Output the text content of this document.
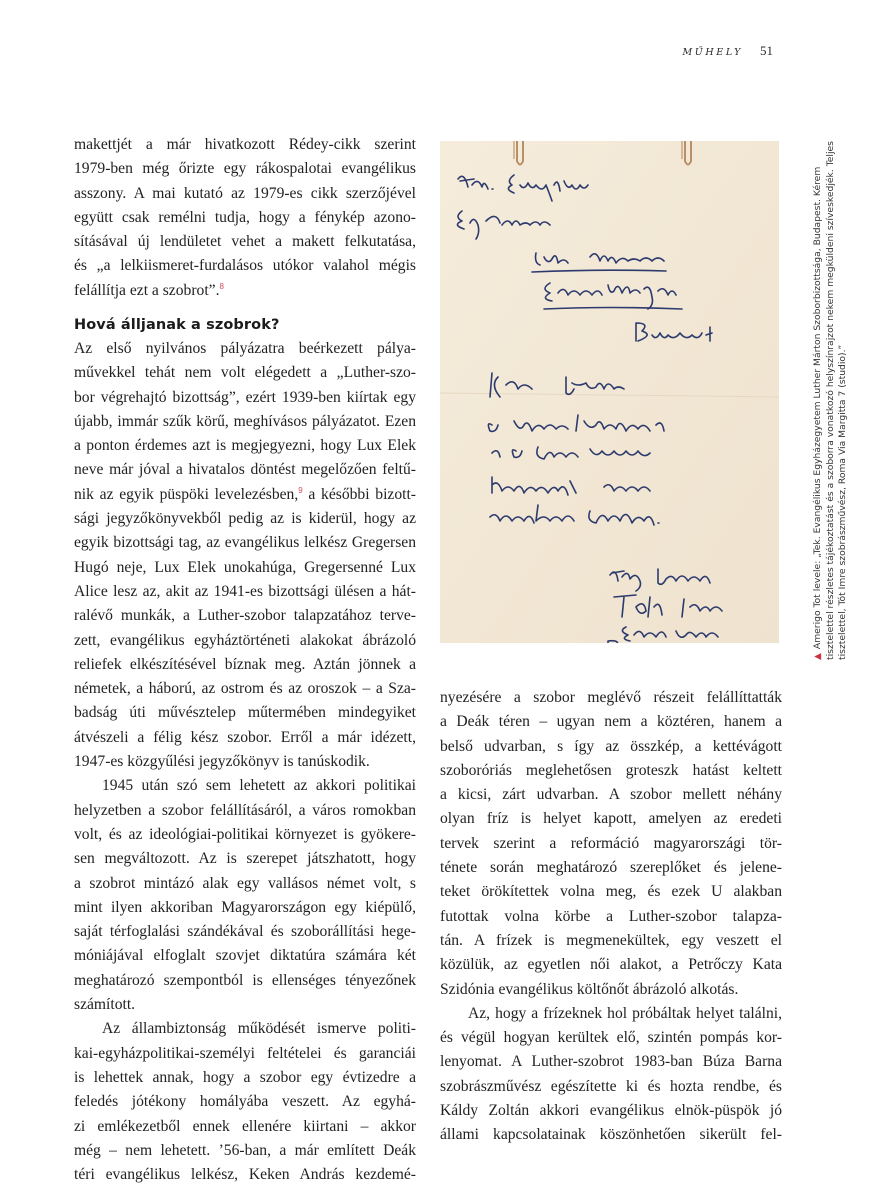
MŰHELY 51

makettjét a már hivatkozott Rédey-cikk szerint
1979-ben még őrizte egy rákospalotai evangélikus
asszony. A mai kutató az 1979-es cikk szerzőjével
együtt csak remélni tudja, hogy a fénykép azono-
sításával új lendületet vehet a makett felkutatása,
és „a lelkiismeret-furdalásos utókor valahol mégis
felállítja ezt a szobrot”.$^8$

Hová álljanak a szobrok?

Az első nyilvános pályázatra beérkezett pálya-
művekkel tehát nem volt elégedett a „Luther-szo-
bor végrehajtó bizottság”, ezért 1939-ben kiírtak egy
újabb, immár szűk körű, meghívásos pályázatot. Ezen
a ponton érdemes azt is megjegyezni, hogy Lux Elek
neve már jóval a hivatalos döntést megelőzően feltű-
nik az egyik püspöki levelezésben,$^9$ a későbbi bizott-
sági jegyzőkönyvekből pedig az is kiderül, hogy az
egyik bizottsági tag, az evangélikus lelkész Gregersen
Hugó neje, Lux Elek unokahúga, Gregersenné Lux
Alice lesz az, akit az 1941-es bizottsági ülésen a hát-
ralévő munkák, a Luther-szobor talapzatához terve-
zett, evangélikus egyháztörténeti alakokat ábrázoló
reliefek elkészítésével bíznak meg. Aztán jönnek a
németek, a háború, az ostrom és az oroszok – a Sza-
badság úti művésztelep műtermében mindegyiket
átvészeli a félig kész szobor. Erről a már idézett,
1947-es közgyűlési jegyzőkönyv is tanúskodik.

1945 után szó sem lehetett az akkori politikai
helyzetben a szobor felállításáról, a város romokban
volt, és az ideológiai-politikai környezet is gyökere-
sen megváltozott. Az is szerepet játszhatott, hogy
a szobrot mintázó alak egy vallásos német volt, s
mint ilyen akkoriban Magyarországon egy kiépülő,
saját térfoglalási szándékával és szoborállítási hege-
móniájával elfoglalt szovjet diktatúra számára két
meghatározó szempontból is ellenséges tényezőnek
számított.

Az állambiztonság működését ismerve politi-
kai-egyházpolitikai-személyi feltételei és garanciái
is lehettek annak, hogy a szobor egy évtizedre a
feledés jótékony homályába veszett. Az egyhá-
zi emlékezetből ennek ellenére kiirtani – akkor
még – nem lehetett. ’56-ban, a már említett Deák
téri evangélikus lelkész, Keken András kezdemé-

nyezésére a szobor meglévő részeit felállíttatták
a Deák téren – ugyan nem a köztéren, hanem a
belső udvarban, s így az összkép, a kettévágott
szoboróriás meglehetősen groteszk hatást keltett
a kicsi, zárt udvarban. A szobor mellett néhány
olyan fríz is helyet kapott, amelyen az eredeti
tervek szerint a reformáció magyarországi tör-
ténete során meghatározó szereplőket és jelene-
teket örökítettek volna meg, és ezek U alakban
futottak volna körbe a Luther-szobor talapza-
tán. A frízek is megmenekültek, egy veszett el
közülük, az egyetlen női alakot, a Petrőczy Kata
Szidónia evangélikus költőnőt ábrázoló alkotás.

Az, hogy a frízeknek hol próbáltak helyet találni,
és végül hogyan kerültek elő, szintén pompás kor-
lenyomat. A Luther-szobrot 1983-ban Búza Barna
szobrászművész egészítette ki és hozta rendbe, és
Káldy Zoltán akkori evangélikus elnök-püspök jó
állami kapcsolatainak köszönhetően sikerült fel-

▲Amerigo Tot levele: „Tek. Evangélikus Egyházegyetem Luther Márton Szoborbizottsága, Budapest. Kérem tisztelettel részletes tájékoztatást és a szoborra vonatkozó helyszínrajzot nekem megküldeni szíveskedjék. Teljes tisztelettel, Tót Imre szobrászművész, Roma Via Margitta 7 (studio).”
